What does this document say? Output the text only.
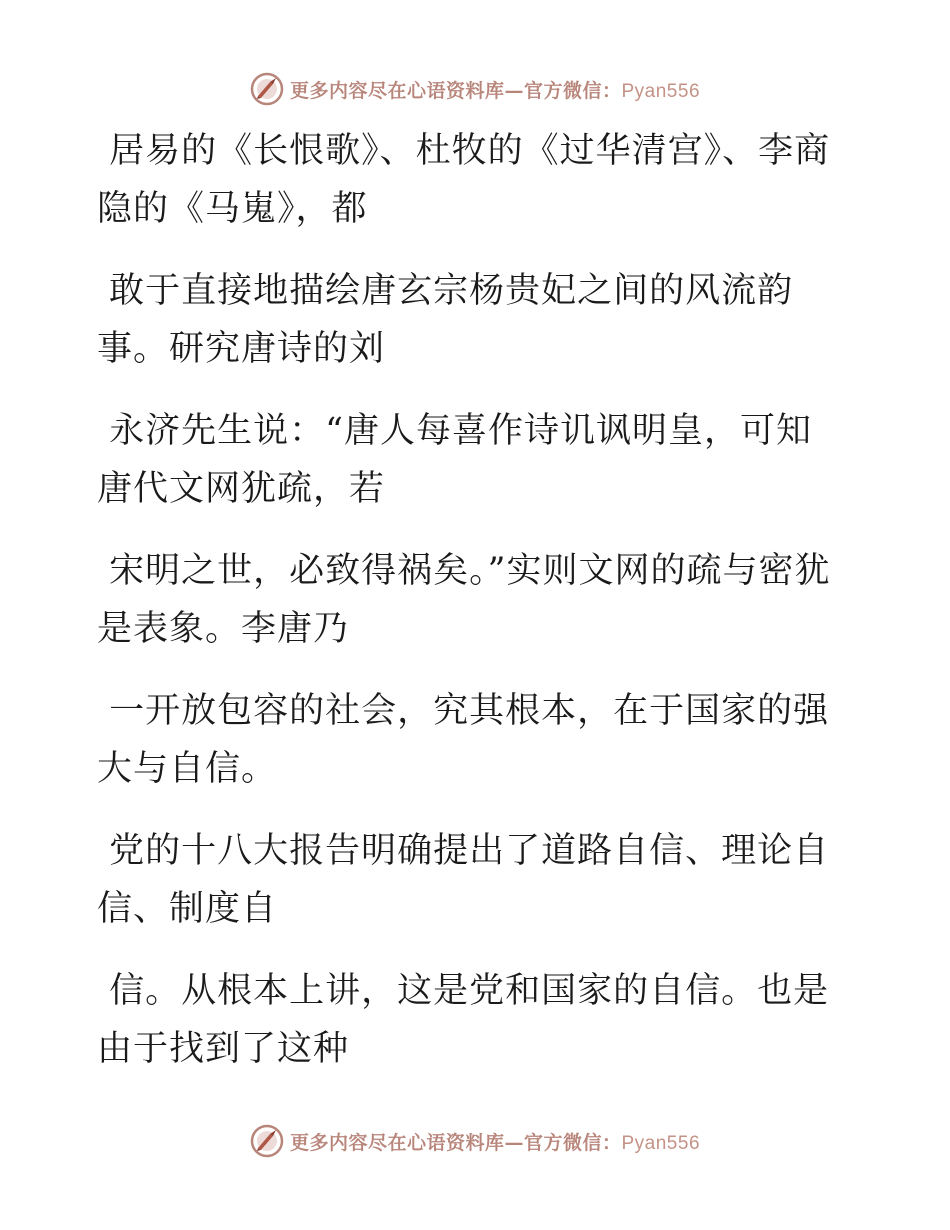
更多内容尽在心语资料库—官方微信：Pyan556

居易的《长恨歌》、杜牧的《过华清宫》、李商隐的《马嵬》，都

敢于直接地描绘唐玄宗杨贵妃之间的风流韵事。研究唐诗的刘

永济先生说：“唐人每喜作诗讥讽明皇，可知唐代文网犹疏，若

宋明之世，必致得祸矣。”实则文网的疏与密犹是表象。李唐乃

一开放包容的社会，究其根本，在于国家的强大与自信。

党的十八大报告明确提出了道路自信、理论自信、制度自

信。从根本上讲，这是党和国家的自信。也是由于找到了这种

更多内容尽在心语资料库—官方微信：Pyan556
